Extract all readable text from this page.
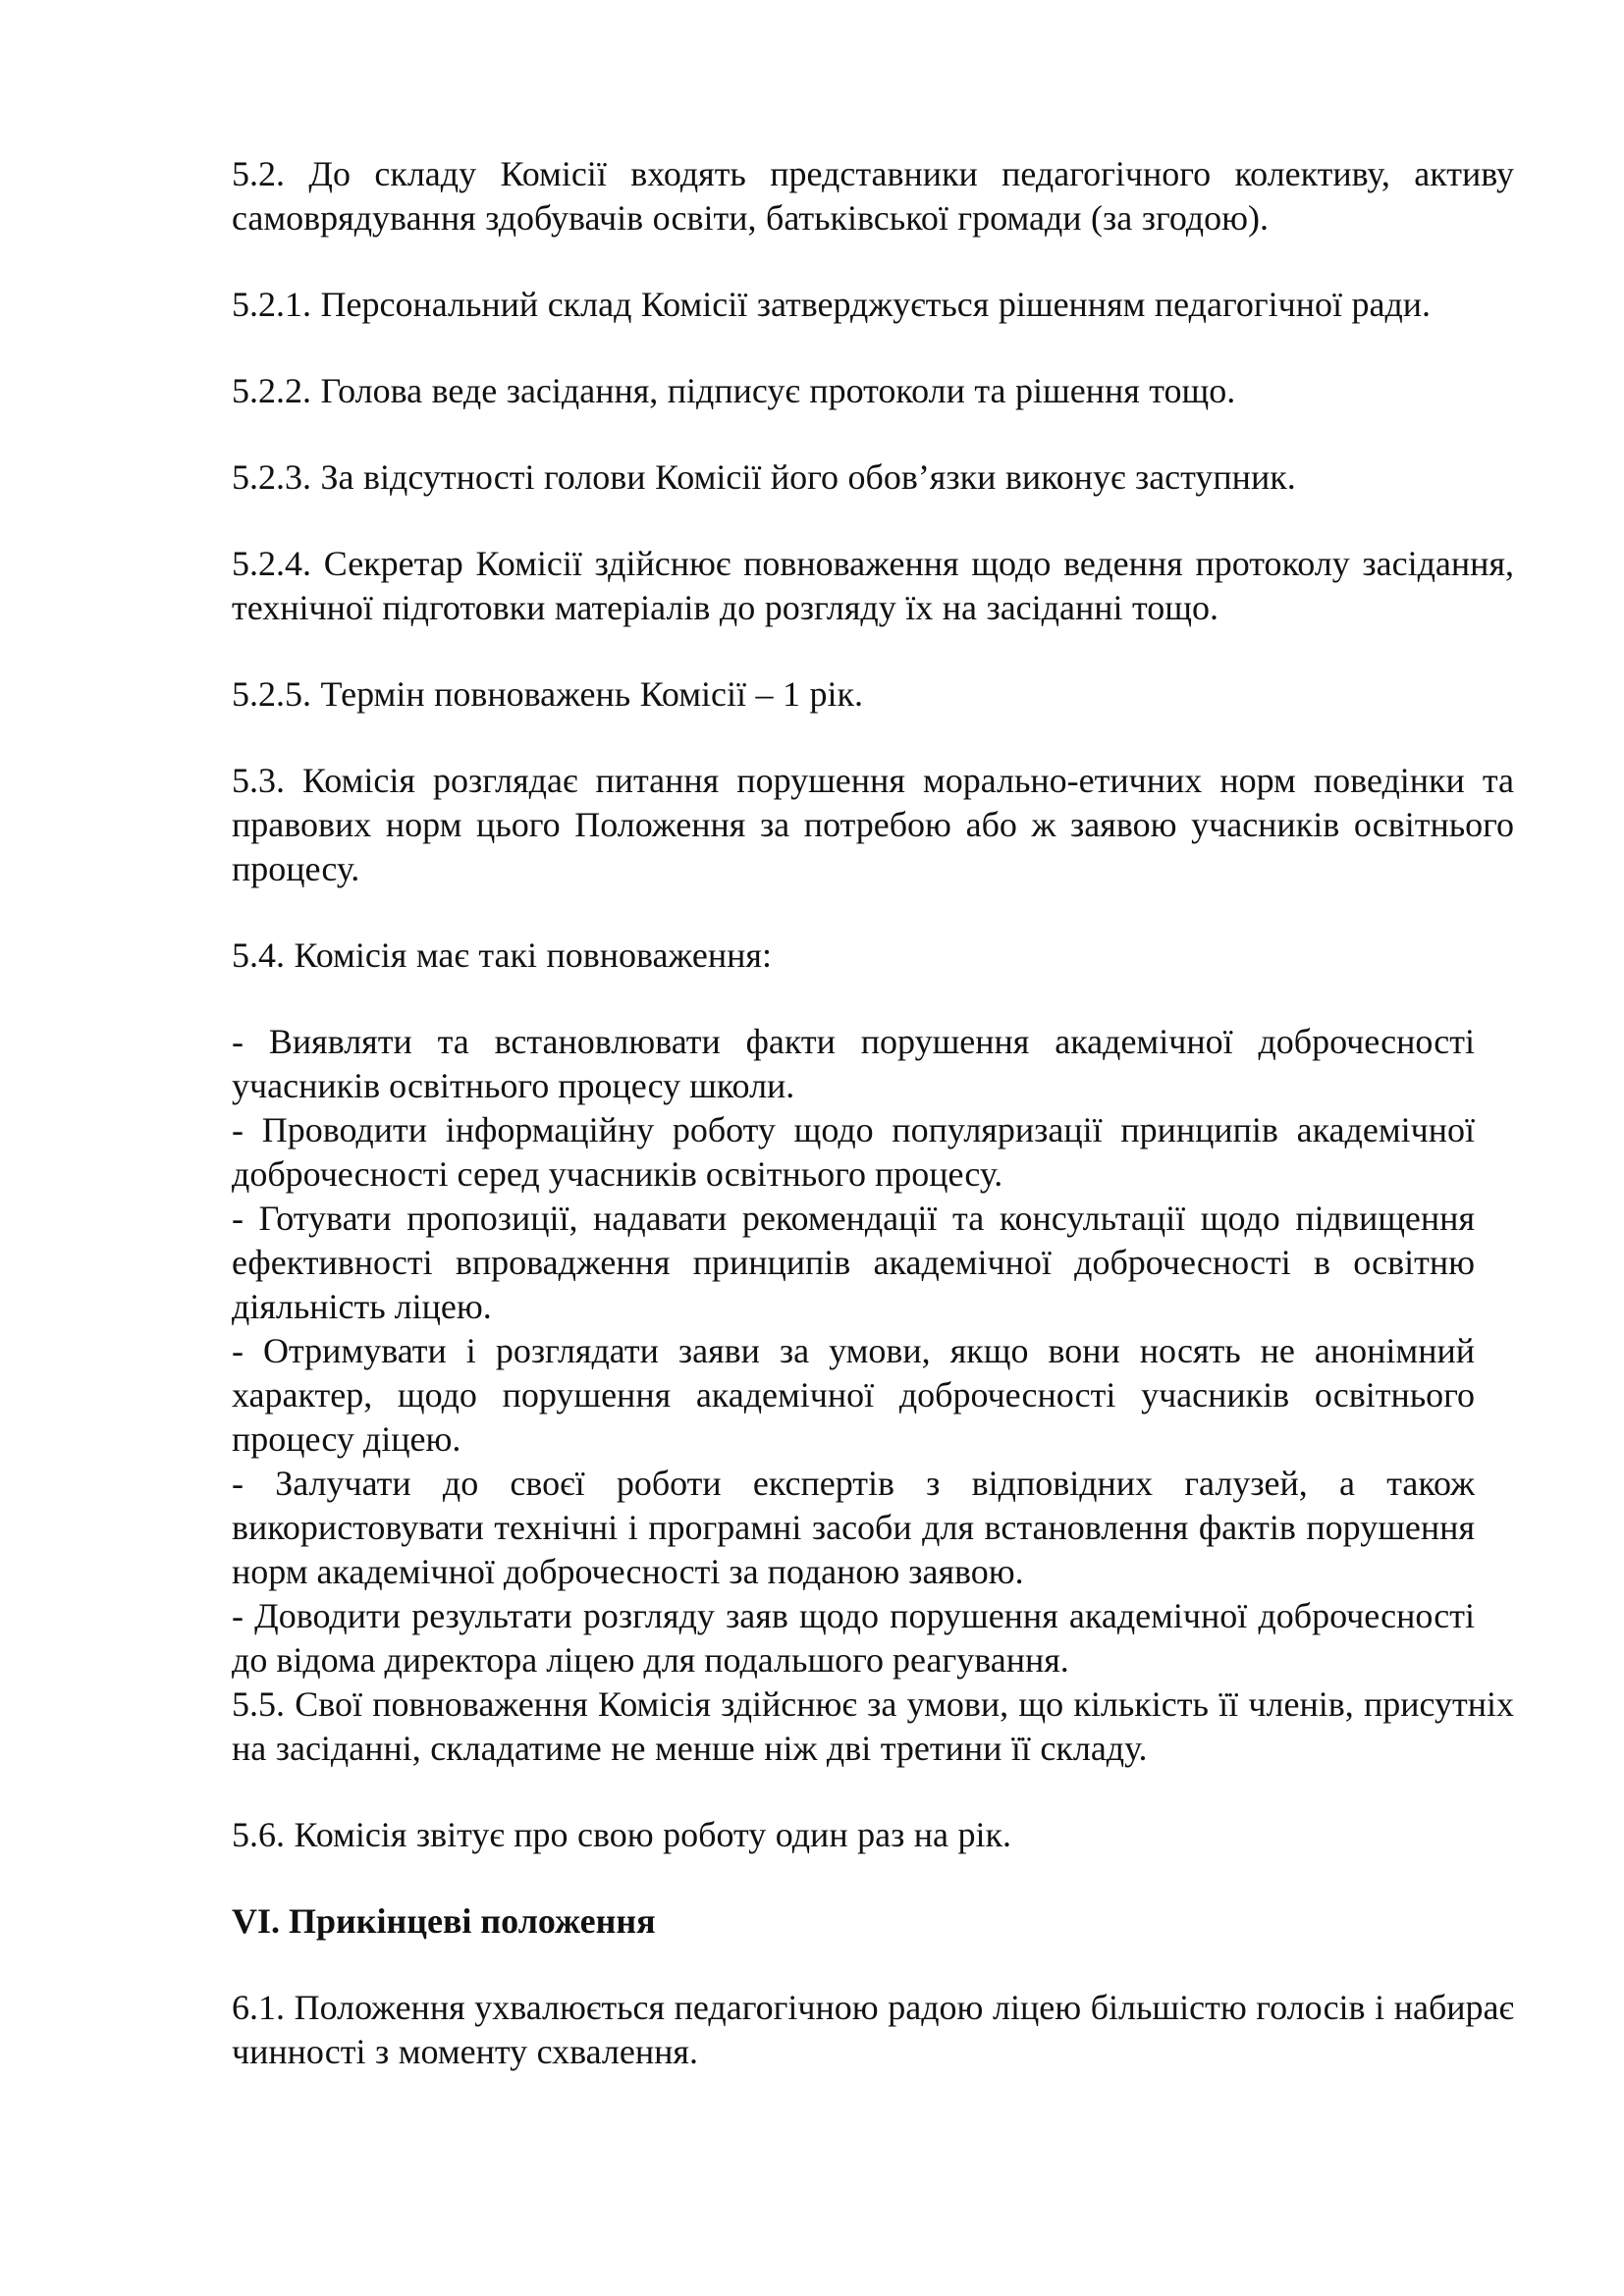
5.2. До складу Комісії входять представники педагогічного колективу, активу самоврядування здобувачів освіти, батьківської громади (за згодою).

5.2.1. Персональний склад Комісії затверджується рішенням педагогічної ради.

5.2.2. Голова веде засідання, підписує протоколи та рішення тощо.

5.2.3. За відсутності голови Комісії його обов’язки виконує заступник.

5.2.4. Секретар Комісії здійснює повноваження щодо ведення протоколу засідання, технічної підготовки матеріалів до розгляду їх на засіданні тощо.

5.2.5. Термін повноважень Комісії – 1 рік.

5.3. Комісія розглядає питання порушення морально-етичних норм поведінки та правових норм цього Положення за потребою або ж заявою учасників освітнього процесу.

5.4. Комісія має такі повноваження:

- Виявляти та встановлювати факти порушення академічної доброчесності учасників освітнього процесу школи.

- Проводити інформаційну роботу щодо популяризації принципів академічної доброчесності серед учасників освітнього процесу.

- Готувати пропозиції, надавати рекомендації та консультації щодо підвищення ефективності впровадження принципів академічної доброчесності в освітню діяльність ліцею.

- Отримувати і розглядати заяви за умови, якщо вони носять не анонімний характер, щодо порушення академічної доброчесності учасників освітнього процесу діцею.

- Залучати до своєї роботи експертів з відповідних галузей, а також використовувати технічні і програмні засоби для встановлення фактів порушення норм академічної доброчесності за поданою заявою.

- Доводити результати розгляду заяв щодо порушення академічної доброчесності до відома директора ліцею для подальшого реагування.

5.5. Свої повноваження Комісія здійснює за умови, що кількість її членів, присутніх на засіданні, складатиме не менше ніж дві третини її складу.

5.6. Комісія звітує про свою роботу один раз на рік.

VI. Прикінцеві положення

6.1. Положення ухвалюється педагогічною радою ліцею більшістю голосів і набирає чинності з моменту схвалення.
